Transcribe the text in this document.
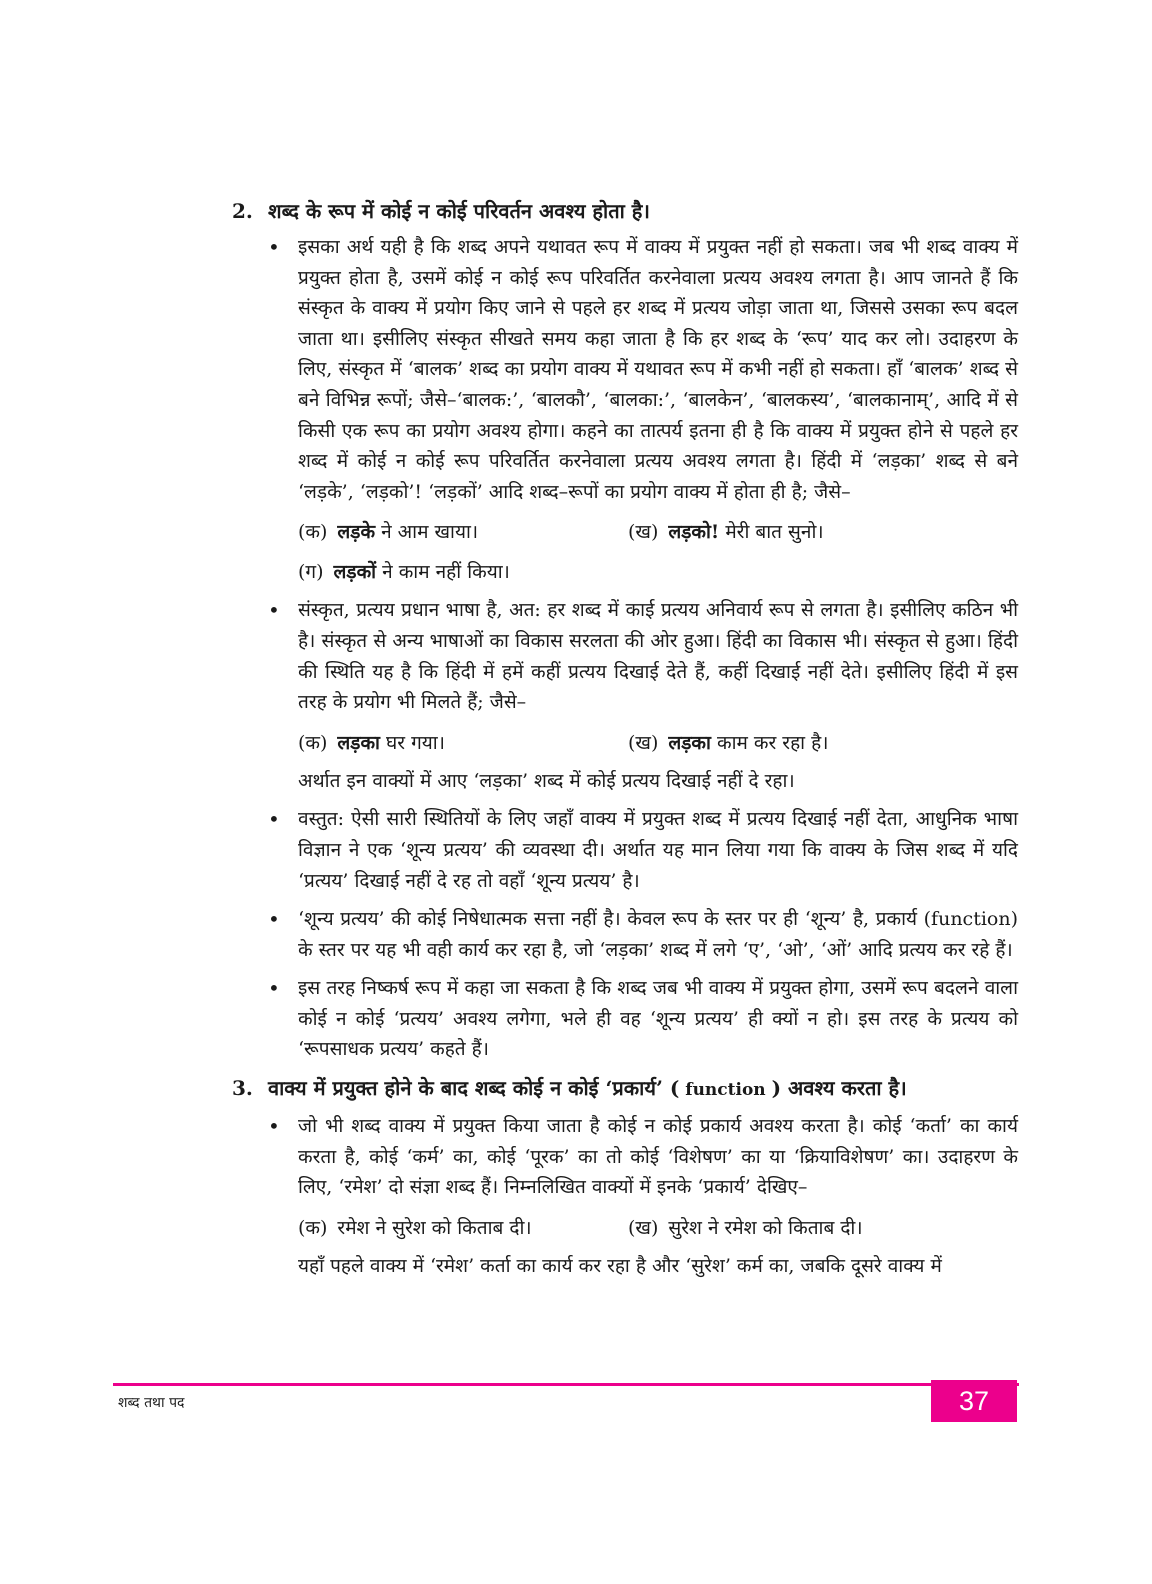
2. शब्द के रूप में कोई न कोई परिवर्तन अवश्य होता है।
• इसका अर्थ यही है कि शब्द अपने यथावत रूप में वाक्य में प्रयुक्त नहीं हो सकता। जब भी शब्द वाक्य में प्रयुक्त होता है, उसमें कोई न कोई रूप परिवर्तित करनेवाला प्रत्यय अवश्य लगता है। आप जानते हैं कि संस्कृत के वाक्य में प्रयोग किए जाने से पहले हर शब्द में प्रत्यय जोड़ा जाता था, जिससे उसका रूप बदल जाता था। इसीलिए संस्कृत सीखते समय कहा जाता है कि हर शब्द के ‘रूप’ याद कर लो। उदाहरण के लिए, संस्कृत में ‘बालक’ शब्द का प्रयोग वाक्य में यथावत रूप में कभी नहीं हो सकता। हाँ ‘बालक’ शब्द से बने विभिन्न रूपों; जैसे–‘बालक:’, ‘बालकौ’, ‘बालका:’, ‘बालकेन’, ‘बालकस्य’, ‘बालकानाम्’, आदि में से किसी एक रूप का प्रयोग अवश्य होगा। कहने का तात्पर्य इतना ही है कि वाक्य में प्रयुक्त होने से पहले हर शब्द में कोई न कोई रूप परिवर्तित करनेवाला प्रत्यय अवश्य लगता है। हिंदी में ‘लड़का’ शब्द से बने ‘लड़के’, ‘लड़को’! ‘लड़कों’ आदि शब्द–रूपों का प्रयोग वाक्य में होता ही है; जैसे–
(क) लड़के ने आम खाया।	(ख) लड़को! मेरी बात सुनो।
(ग) लड़कों ने काम नहीं किया।
• संस्कृत, प्रत्यय प्रधान भाषा है, अत: हर शब्द में काई प्रत्यय अनिवार्य रूप से लगता है। इसीलिए कठिन भी है। संस्कृत से अन्य भाषाओं का विकास सरलता की ओर हुआ। हिंदी का विकास भी। संस्कृत से हुआ। हिंदी की स्थिति यह है कि हिंदी में हमें कहीं प्रत्यय दिखाई देते हैं, कहीं दिखाई नहीं देते। इसीलिए हिंदी में इस तरह के प्रयोग भी मिलते हैं; जैसे–
(क) लड़का घर गया।	(ख) लड़का काम कर रहा है।
अर्थात इन वाक्यों में आए ‘लड़का’ शब्द में कोई प्रत्यय दिखाई नहीं दे रहा।
• वस्तुत: ऐसी सारी स्थितियों के लिए जहाँ वाक्य में प्रयुक्त शब्द में प्रत्यय दिखाई नहीं देता, आधुनिक भाषा विज्ञान ने एक ‘शून्य प्रत्यय’ की व्यवस्था दी। अर्थात यह मान लिया गया कि वाक्य के जिस शब्द में यदि ‘प्रत्यय’ दिखाई नहीं दे रह तो वहाँ ‘शून्य प्रत्यय’ है।
• ‘शून्य प्रत्यय’ की कोई निषेधात्मक सत्ता नहीं है। केवल रूप के स्तर पर ही ‘शून्य’ है, प्रकार्य (function) के स्तर पर यह भी वही कार्य कर रहा है, जो ‘लड़का’ शब्द में लगे ‘ए’, ‘ओ’, ‘ओं’ आदि प्रत्यय कर रहे हैं।
• इस तरह निष्कर्ष रूप में कहा जा सकता है कि शब्द जब भी वाक्य में प्रयुक्त होगा, उसमें रूप बदलने वाला कोई न कोई ‘प्रत्यय’ अवश्य लगेगा, भले ही वह ‘शून्य प्रत्यय’ ही क्यों न हो। इस तरह के प्रत्यय को ‘रूपसाधक प्रत्यय’ कहते हैं।
3. वाक्य में प्रयुक्त होने के बाद शब्द कोई न कोई ‘प्रकार्य’ ( function ) अवश्य करता है।
• जो भी शब्द वाक्य में प्रयुक्त किया जाता है कोई न कोई प्रकार्य अवश्य करता है। कोई ‘कर्ता’ का कार्य करता है, कोई ‘कर्म’ का, कोई ‘पूरक’ का तो कोई ‘विशेषण’ का या ‘क्रियाविशेषण’ का। उदाहरण के लिए, ‘रमेश’ दो संज्ञा शब्द हैं। निम्नलिखित वाक्यों में इनके ‘प्रकार्य’ देखिए–
(क) रमेश ने सुरेश को किताब दी।	(ख) सुरेश ने रमेश को किताब दी।
यहाँ पहले वाक्य में ‘रमेश’ कर्ता का कार्य कर रहा है और ‘सुरेश’ कर्म का, जबकि दूसरे वाक्य में
शब्द तथा पद	37
